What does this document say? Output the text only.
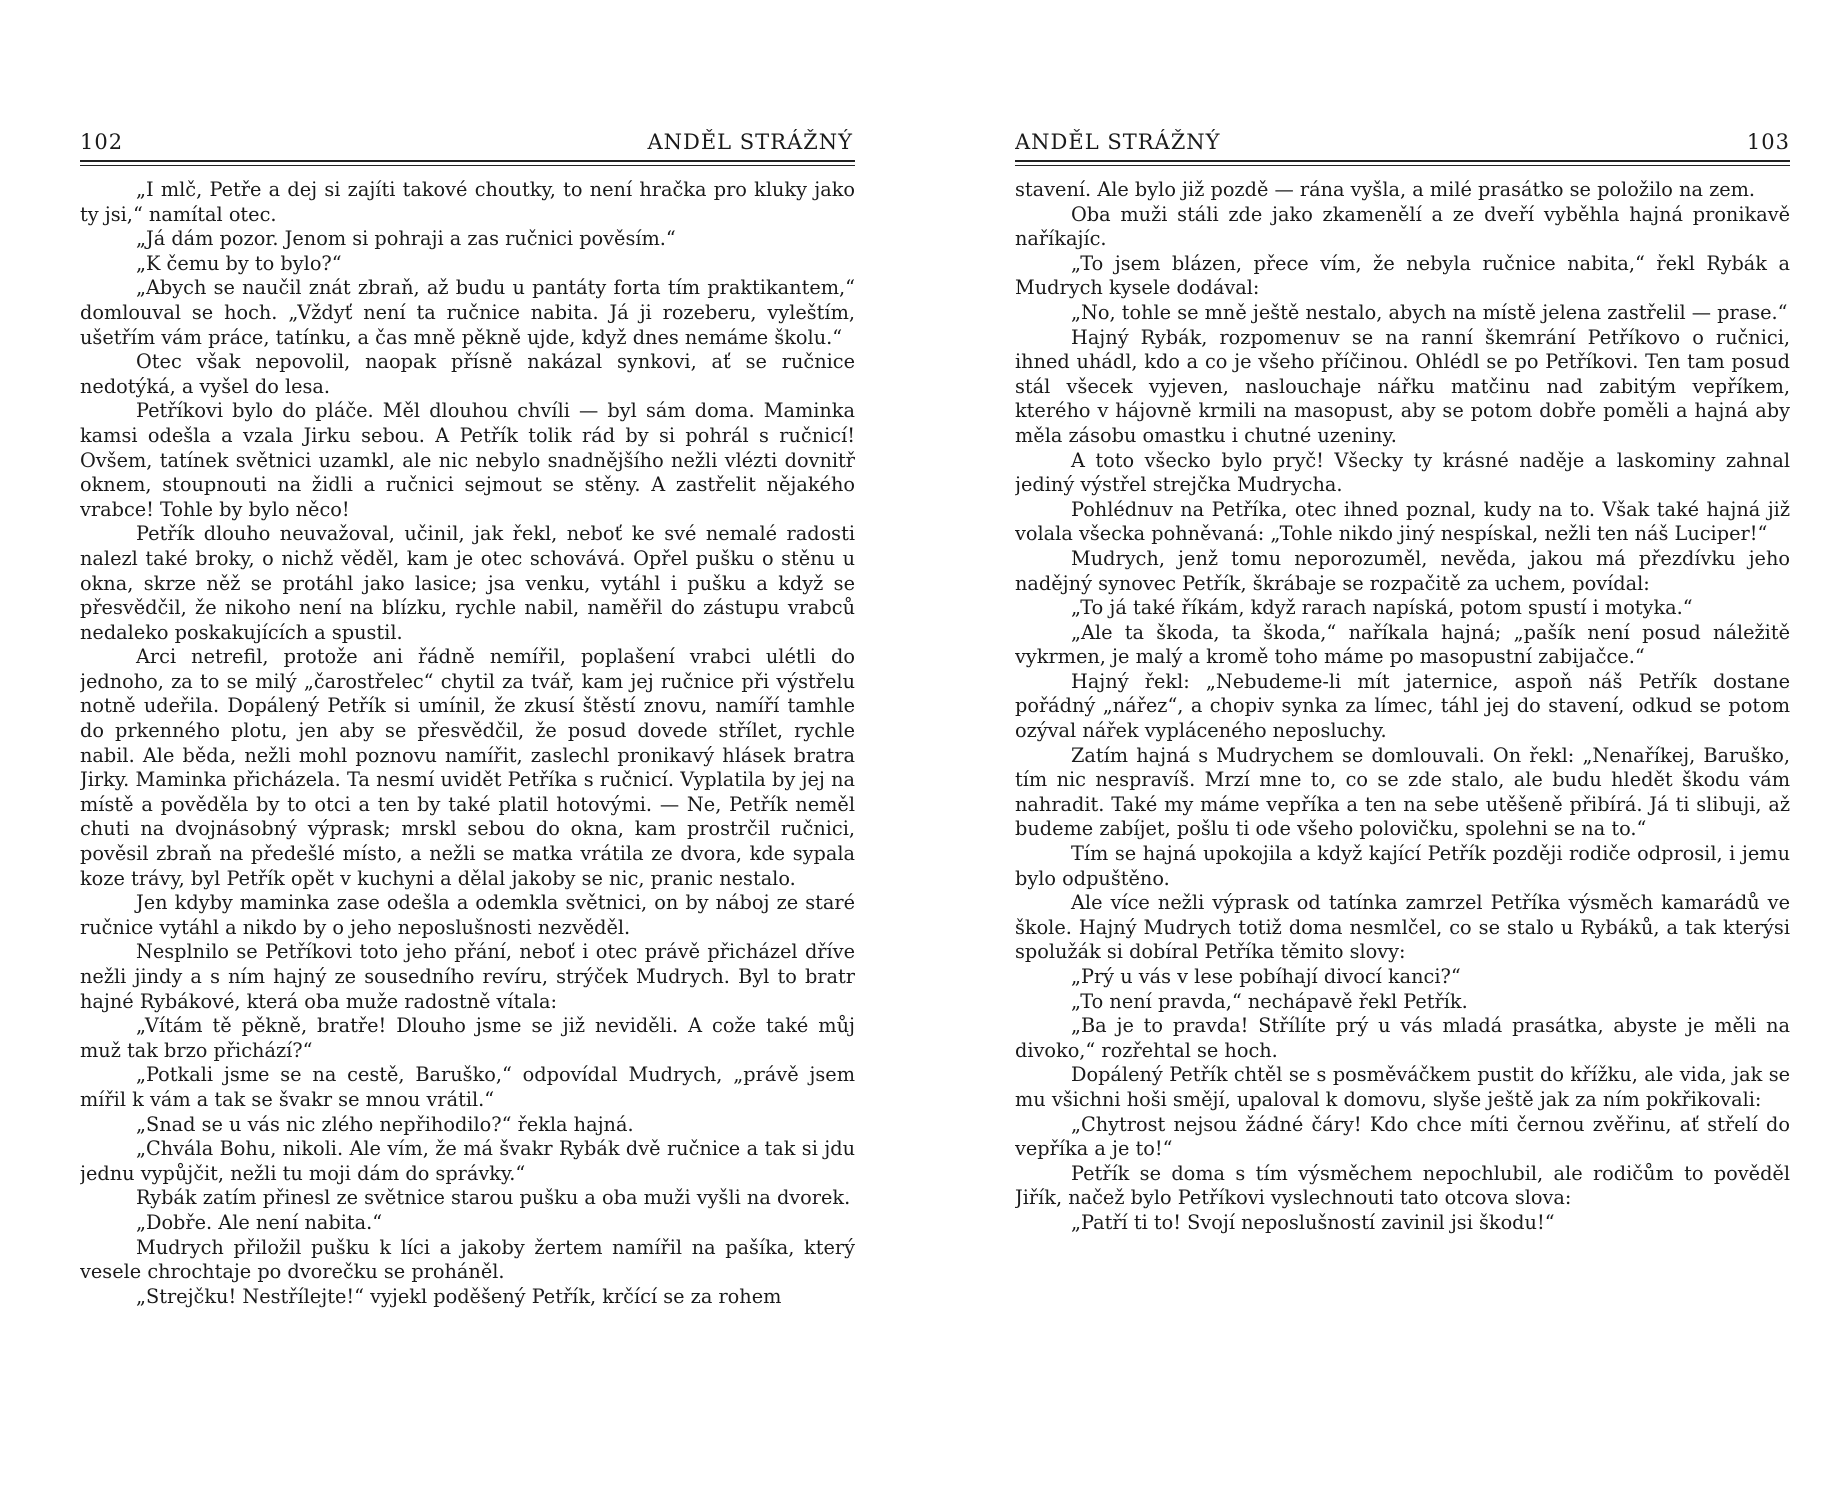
102	ANDĚL STRÁŽNÝ

„I mlč, Petře a dej si zajíti takové choutky, to není hračka pro kluky jako ty jsi,“ namítal otec.

„Já dám pozor. Jenom si pohraji a zas ručnici pověsím.“

„K čemu by to bylo?“

„Abych se naučil znát zbraň, až budu u pantáty forta tím praktikantem,“ domlouval se hoch. „Vždyť není ta ručnice nabita. Já ji rozeberu, vyleštím, ušetřím vám práce, tatínku, a čas mně pěkně ujde, když dnes nemáme školu.“

Otec však nepovolil, naopak přísně nakázal synkovi, ať se ručnice nedotýká, a vyšel do lesa.

Petříkovi bylo do pláče. Měl dlouhou chvíli — byl sám doma. Maminka kamsi odešla a vzala Jirku sebou. A Petřík tolik rád by si pohrál s ručnicí! Ovšem, tatínek světnici uzamkl, ale nic nebylo snadnějšího nežli vlézti dovnitř oknem, stoupnouti na židli a ručnici sejmout se stěny. A zastřelit nějakého vrabce! Tohle by bylo něco!

Petřík dlouho neuvažoval, učinil, jak řekl, neboť ke své nemalé radosti nalezl také broky, o nichž věděl, kam je otec schovává. Opřel pušku o stěnu u okna, skrze něž se protáhl jako lasice; jsa venku, vytáhl i pušku a když se přesvědčil, že nikoho není na blízku, rychle nabil, naměřil do zástupu vrabců nedaleko poskakujících a spustil.

Arci netrefil, protože ani řádně nemířil, poplašení vrabci ulétli do jednoho, za to se milý „čarostřelec“ chytil za tvář, kam jej ručnice při výstřelu notně udeřila. Dopálený Petřík si umínil, že zkusí štěstí znovu, namíří tamhle do prkenného plotu, jen aby se přesvědčil, že posud dovede střílet, rychle nabil. Ale běda, nežli mohl poznovu namířit, zaslechl pronikavý hlásek bratra Jirky. Maminka přicházela. Ta nesmí uvidět Petříka s ručnicí. Vyplatila by jej na místě a pověděla by to otci a ten by také platil hotovými. — Ne, Petřík neměl chuti na dvojnásobný výprask; mrskl sebou do okna, kam prostrčil ručnici, pověsil zbraň na předešlé místo, a nežli se matka vrátila ze dvora, kde sypala koze trávy, byl Petřík opět v kuchyni a dělal jakoby se nic, pranic nestalo.

Jen kdyby maminka zase odešla a odemkla světnici, on by náboj ze staré ručnice vytáhl a nikdo by o jeho neposlušnosti nezvěděl.

Nesplnilo se Petříkovi toto jeho přání, neboť i otec právě přicházel dříve nežli jindy a s ním hajný ze sousedního revíru, strýček Mudrych. Byl to bratr hajné Rybákové, která oba muže radostně vítala:

„Vítám tě pěkně, bratře! Dlouho jsme se již neviděli. A cože také můj muž tak brzo přichází?“

„Potkali jsme se na cestě, Baruško,“ odpovídal Mudrych, „právě jsem mířil k vám a tak se švakr se mnou vrátil.“

„Snad se u vás nic zlého nepřihodilo?“ řekla hajná.

„Chvála Bohu, nikoli. Ale vím, že má švakr Rybák dvě ručnice a tak si jdu jednu vypůjčit, nežli tu moji dám do správky.“

Rybák zatím přinesl ze světnice starou pušku a oba muži vyšli na dvorek.

„Dobře. Ale není nabita.“

Mudrych přiložil pušku k líci a jakoby žertem namířil na pašíka, který vesele chrochtaje po dvorečku se proháněl.

„Strejčku! Nestřílejte!“ vyjekl poděšený Petřík, krčící se za rohem

ANDĚL STRÁŽNÝ	103

stavení. Ale bylo již pozdě — rána vyšla, a milé prasátko se položilo na zem.

Oba muži stáli zde jako zkamenělí a ze dveří vyběhla hajná pronikavě naříkajíc.

„To jsem blázen, přece vím, že nebyla ručnice nabita,“ řekl Rybák a Mudrych kysele dodával:

„No, tohle se mně ještě nestalo, abych na místě jelena zastřelil — prase.“

Hajný Rybák, rozpomenuv se na ranní škemrání Petříkovo o ručnici, ihned uhádl, kdo a co je všeho příčinou. Ohlédl se po Petříkovi. Ten tam posud stál všecek vyjeven, naslouchaje nářku matčinu nad zabitým vepříkem, kterého v hájovně krmili na masopust, aby se potom dobře poměli a hajná aby měla zásobu omastku i chutné uzeniny.

A toto všecko bylo pryč! Všecky ty krásné naděje a laskominy zahnal jediný výstřel strejčka Mudrycha.

Pohlédnuv na Petříka, otec ihned poznal, kudy na to. Však také hajná již volala všecka pohněvaná: „Tohle nikdo jiný nespískal, nežli ten náš Luciper!“

Mudrych, jenž tomu neporozuměl, nevěda, jakou má přezdívku jeho nadějný synovec Petřík, škrábaje se rozpačitě za uchem, povídal:

„To já také říkám, když rarach napíská, potom spustí i motyka.“

„Ale ta škoda, ta škoda,“ naříkala hajná; „pašík není posud náležitě vykrmen, je malý a kromě toho máme po masopustní zabijačce.“

Hajný řekl: „Nebudeme-li mít jaternice, aspoň náš Petřík dostane pořádný „nářez“, a chopiv synka za límec, táhl jej do stavení, odkud se potom ozýval nářek vypláceného neposluchy.

Zatím hajná s Mudrychem se domlouvali. On řekl: „Nenaříkej, Baruško, tím nic nespravíš. Mrzí mne to, co se zde stalo, ale budu hledět škodu vám nahradit. Také my máme vepříka a ten na sebe utěšeně přibírá. Já ti slibuji, až budeme zabíjet, pošlu ti ode všeho polovičku, spolehni se na to.“

Tím se hajná upokojila a když kající Petřík později rodiče odprosil, i jemu bylo odpuštěno.

Ale více nežli výprask od tatínka zamrzel Petříka výsměch kamarádů ve škole. Hajný Mudrych totiž doma nesmlčel, co se stalo u Rybáků, a tak kterýsi spolužák si dobíral Petříka těmito slovy:

„Prý u vás v lese pobíhají divocí kanci?“

„To není pravda,“ nechápavě řekl Petřík.

„Ba je to pravda! Střílíte prý u vás mladá prasátka, abyste je měli na divoko,“ rozřehtal se hoch.

Dopálený Petřík chtěl se s posměváčkem pustit do křížku, ale vida, jak se mu všichni hoši smějí, upaloval k domovu, slyše ještě jak za ním pokřikovali:

„Chytrost nejsou žádné čáry! Kdo chce míti černou zvěřinu, ať střelí do vepříka a je to!“

Petřík se doma s tím výsměchem nepochlubil, ale rodičům to pověděl Jiřík, načež bylo Petříkovi vyslechnouti tato otcova slova:

„Patří ti to! Svojí neposlušností zavinil jsi škodu!“
